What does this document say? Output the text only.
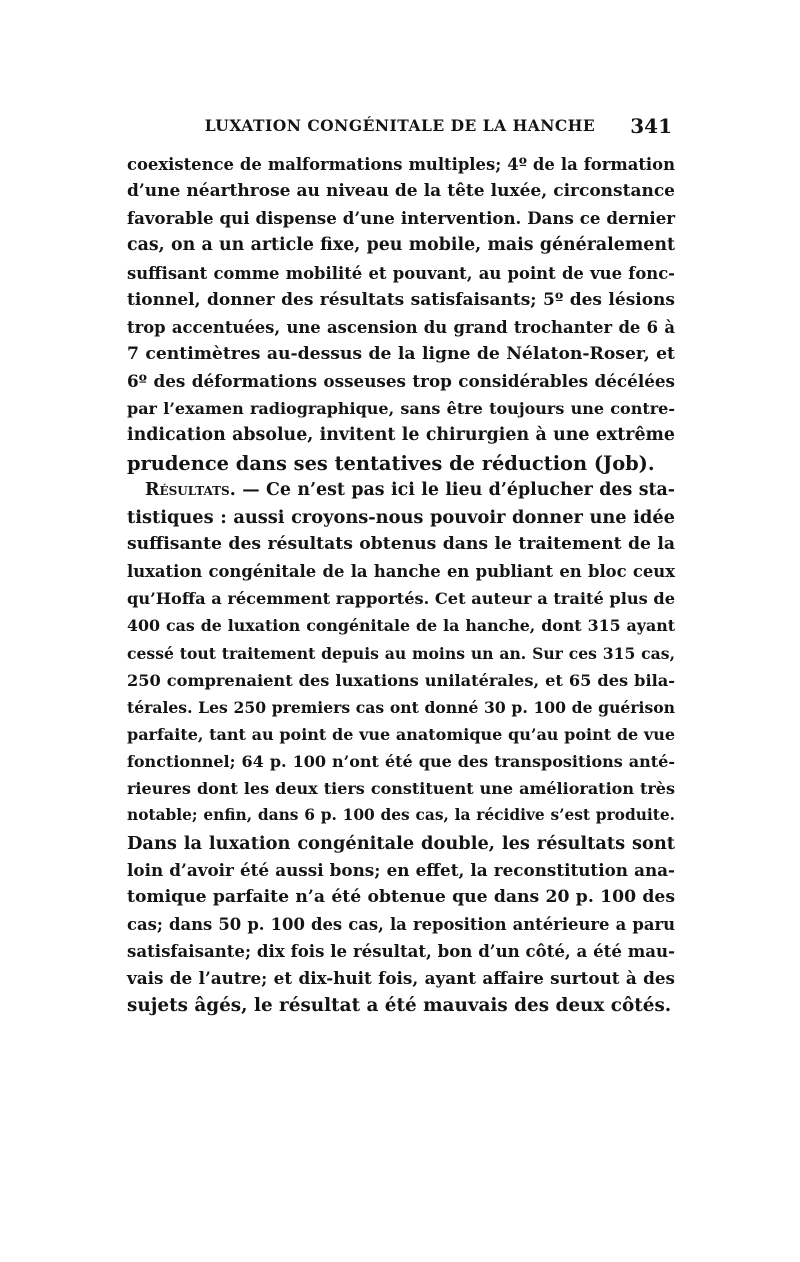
LUXATION CONGÉNITALE DE LA HANCHE	341
coexistence de malformations multiples; 4º de la formation
d’une néarthrose au niveau de la tête luxée, circonstance
favorable qui dispense d’une intervention. Dans ce dernier
cas, on a un article fixe, peu mobile, mais généralement
suffisant comme mobilité et pouvant, au point de vue fonc-
tionnel, donner des résultats satisfaisants; 5º des lésions
trop accentuées, une ascension du grand trochanter de 6 à
7 centimètres au-dessus de la ligne de Nélaton-Roser, et
6º des déformations osseuses trop considérables décélées
par l’examen radiographique, sans être toujours une contre-
indication absolue, invitent le chirurgien à une extrême
prudence dans ses tentatives de réduction (Job).
Résultats. — Ce n’est pas ici le lieu d’éplucher des sta-
tistiques : aussi croyons-nous pouvoir donner une idée
suffisante des résultats obtenus dans le traitement de la
luxation congénitale de la hanche en publiant en bloc ceux
qu’Hoffa a récemment rapportés. Cet auteur a traité plus de
400 cas de luxation congénitale de la hanche, dont 315 ayant
cessé tout traitement depuis au moins un an. Sur ces 315 cas,
250 comprenaient des luxations unilatérales, et 65 des bila-
térales. Les 250 premiers cas ont donné 30 p. 100 de guérison
parfaite, tant au point de vue anatomique qu’au point de vue
fonctionnel; 64 p. 100 n’ont été que des transpositions anté-
rieures dont les deux tiers constituent une amélioration très
notable; enfin, dans 6 p. 100 des cas, la récidive s’est produite.
Dans la luxation congénitale double, les résultats sont
loin d’avoir été aussi bons; en effet, la reconstitution ana-
tomique parfaite n’a été obtenue que dans 20 p. 100 des
cas; dans 50 p. 100 des cas, la reposition antérieure a paru
satisfaisante; dix fois le résultat, bon d’un côté, a été mau-
vais de l’autre; et dix-huit fois, ayant affaire surtout à des
sujets âgés, le résultat a été mauvais des deux côtés.
